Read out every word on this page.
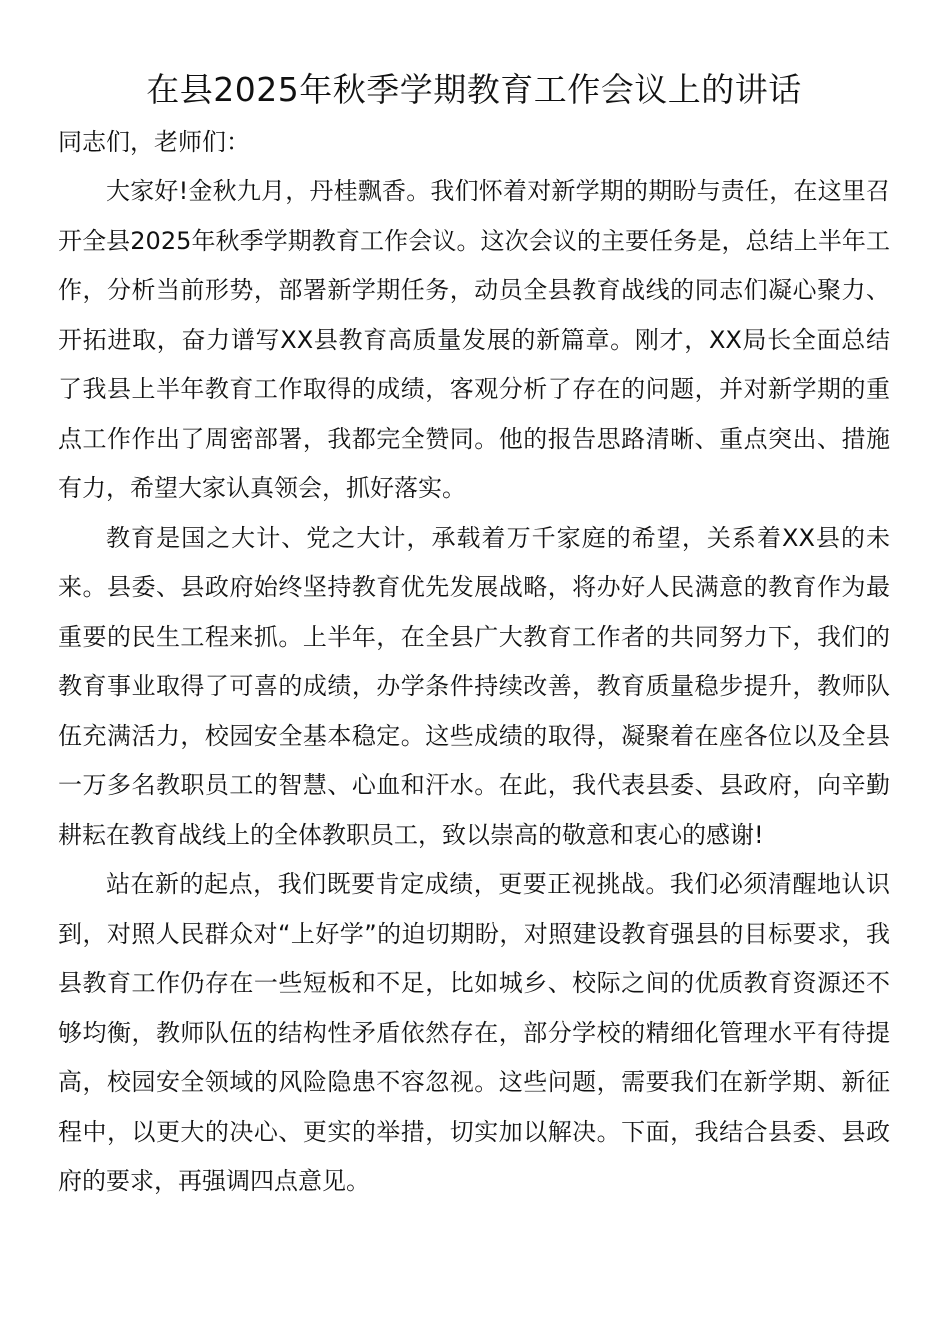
在县2025年秋季学期教育工作会议上的讲话

同志们，老师们：

大家好!金秋九月，丹桂飘香。我们怀着对新学期的期盼与责任，在这里召开全县2025年秋季学期教育工作会议。这次会议的主要任务是，总结上半年工作，分析当前形势，部署新学期任务，动员全县教育战线的同志们凝心聚力、开拓进取，奋力谱写XX县教育高质量发展的新篇章。刚才，XX局长全面总结了我县上半年教育工作取得的成绩，客观分析了存在的问题，并对新学期的重点工作作出了周密部署，我都完全赞同。他的报告思路清晰、重点突出、措施有力，希望大家认真领会，抓好落实。

教育是国之大计、党之大计，承载着万千家庭的希望，关系着XX县的未来。县委、县政府始终坚持教育优先发展战略，将办好人民满意的教育作为最重要的民生工程来抓。上半年，在全县广大教育工作者的共同努力下，我们的教育事业取得了可喜的成绩，办学条件持续改善，教育质量稳步提升，教师队伍充满活力，校园安全基本稳定。这些成绩的取得，凝聚着在座各位以及全县一万多名教职员工的智慧、心血和汗水。在此，我代表县委、县政府，向辛勤耕耘在教育战线上的全体教职员工，致以崇高的敬意和衷心的感谢!

站在新的起点，我们既要肯定成绩，更要正视挑战。我们必须清醒地认识到，对照人民群众对“上好学”的迫切期盼，对照建设教育强县的目标要求，我县教育工作仍存在一些短板和不足，比如城乡、校际之间的优质教育资源还不够均衡，教师队伍的结构性矛盾依然存在，部分学校的精细化管理水平有待提高，校园安全领域的风险隐患不容忽视。这些问题，需要我们在新学期、新征程中，以更大的决心、更实的举措，切实加以解决。下面，我结合县委、县政府的要求，再强调四点意见。
